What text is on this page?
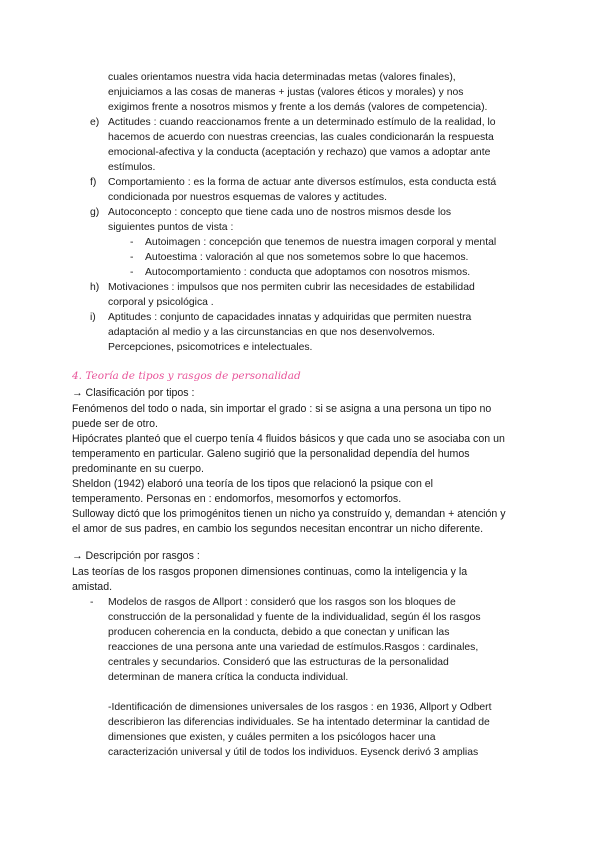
cuales orientamos nuestra vida hacia determinadas metas (valores finales),
enjuiciamos a las cosas de maneras + justas (valores éticos y morales) y nos
exigimos frente a nosotros mismos y frente a los demás (valores de competencia).
e) Actitudes : cuando reaccionamos frente a un determinado estímulo de la realidad, lo
hacemos de acuerdo con nuestras creencias, las cuales condicionarán la respuesta
emocional-afectiva y la conducta (aceptación y rechazo) que vamos a adoptar ante
estímulos.
f) Comportamiento : es la forma de actuar ante diversos estímulos, esta conducta está
condicionada por nuestros esquemas de valores y actitudes.
g) Autoconcepto : concepto que tiene cada uno de nostros mismos desde los
siguientes puntos de vista :
- Autoimagen : concepción que tenemos de nuestra imagen corporal y mental
- Autoestima : valoración al que nos sometemos sobre lo que hacemos.
- Autocomportamiento : conducta que adoptamos con nosotros mismos.
h) Motivaciones : impulsos que nos permiten cubrir las necesidades de estabilidad
corporal y psicológica .
i) Aptitudes : conjunto de capacidades innatas y adquiridas que permiten nuestra
adaptación al medio y a las circunstancias en que nos desenvolvemos.
Percepciones, psicomotrices e intelectuales.
4. Teoría de tipos y rasgos de personalidad
→ Clasificación por tipos :
Fenómenos del todo o nada, sin importar el grado : si se asigna a una persona un tipo no
puede ser de otro.
Hipócrates planteó que el cuerpo tenía 4 fluidos básicos y que cada uno se asociaba con un
temperamento en particular. Galeno sugirió que la personalidad dependía del humos
predominante en su cuerpo.
Sheldon (1942) elaboró una teoría de los tipos que relacionó la psique con el
temperamento. Personas en : endomorfos, mesomorfos y ectomorfos.
Sulloway dictó que los primogénitos tienen un nicho ya construído y, demandan + atención y
el amor de sus padres, en cambio los segundos necesitan encontrar un nicho diferente.
→ Descripción por rasgos :
Las teorías de los rasgos proponen dimensiones continuas, como la inteligencia y la
amistad.
- Modelos de rasgos de Allport : consideró que los rasgos son los bloques de
construcción de la personalidad y fuente de la individualidad, según él los rasgos
producen coherencia en la conducta, debido a que conectan y unifican las
reacciones de una persona ante una variedad de estímulos.Rasgos : cardinales,
centrales y secundarios. Consideró que las estructuras de la personalidad
determinan de manera crítica la conducta individual.
-Identificación de dimensiones universales de los rasgos : en 1936, Allport y Odbert
describieron las diferencias individuales. Se ha intentado determinar la cantidad de
dimensiones que existen, y cuáles permiten a los psicólogos hacer una
caracterización universal y útil de todos los individuos. Eysenck derivó 3 amplias
